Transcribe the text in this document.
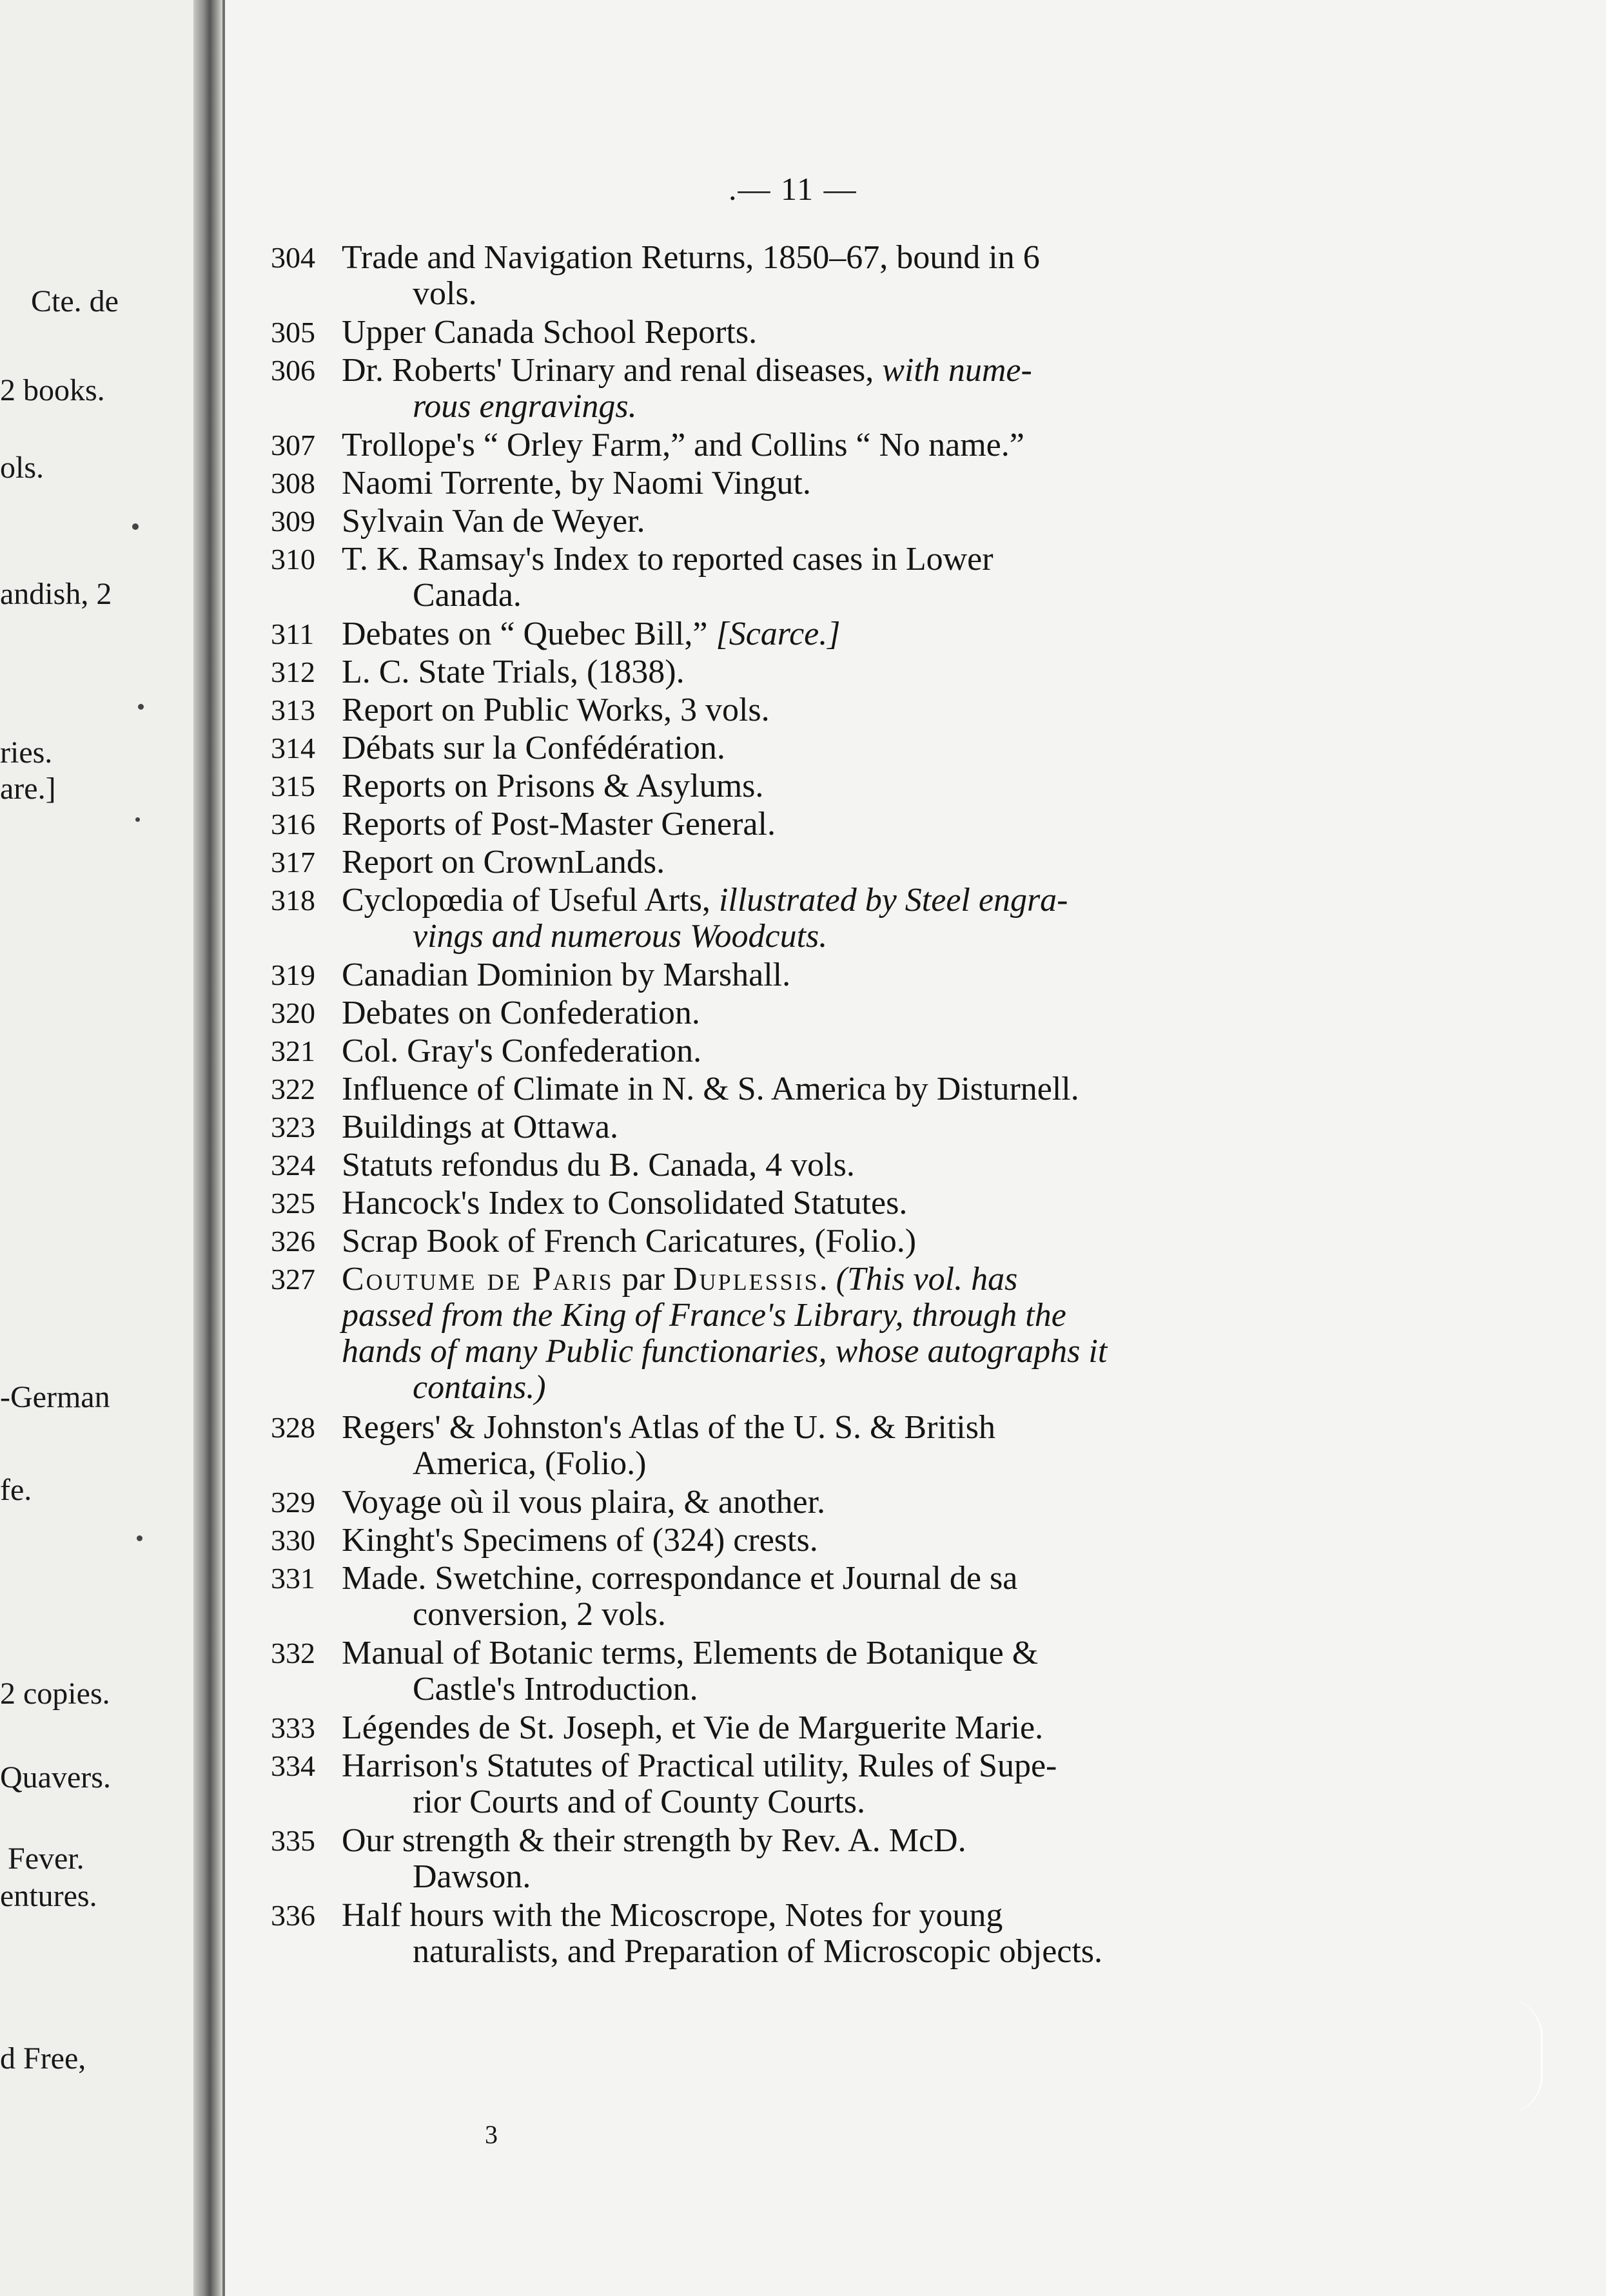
Cte. de
2 books.
ols.
andish, 2
ries.
are.]
-German
fe.
2 copies.
Quavers.
Fever.
entures.
d Free,
.— 11 —
304 Trade and Navigation Returns, 1850–67, bound in 6
vols.
305 Upper Canada School Reports.
306 Dr. Roberts' Urinary and renal diseases, with nume-
rous engravings.
307 Trollope's “ Orley Farm,” and Collins “ No name.”
308 Naomi Torrente, by Naomi Vingut.
309 Sylvain Van de Weyer.
310 T. K. Ramsay's Index to reported cases in Lower
Canada.
311 Debates on “ Quebec Bill,” [Scarce.]
312 L. C. State Trials, (1838).
313 Report on Public Works, 3 vols.
314 Débats sur la Confédération.
315 Reports on Prisons & Asylums.
316 Reports of Post-Master General.
317 Report on CrownLands.
318 Cyclopœdia of Useful Arts, illustrated by Steel engra-
vings and numerous Woodcuts.
319 Canadian Dominion by Marshall.
320 Debates on Confederation.
321 Col. Gray's Confederation.
322 Influence of Climate in N. & S. America by Disturnell.
323 Buildings at Ottawa.
324 Statuts refondus du B. Canada, 4 vols.
325 Hancock's Index to Consolidated Statutes.
326 Scrap Book of French Caricatures, (Folio.)
327 Coutume de Paris par Duplessis. (This vol. has
passed from the King of France's Library, through the
hands of many Public functionaries, whose autographs it
contains.)
328 Regers' & Johnston's Atlas of the U. S. & British
America, (Folio.)
329 Voyage où il vous plaira, & another.
330 Kinght's Specimens of (324) crests.
331 Made. Swetchine, correspondance et Journal de sa
conversion, 2 vols.
332 Manual of Botanic terms, Elements de Botanique &
Castle's Introduction.
333 Légendes de St. Joseph, et Vie de Marguerite Marie.
334 Harrison's Statutes of Practical utility, Rules of Supe-
rior Courts and of County Courts.
335 Our strength & their strength by Rev. A. McD.
Dawson.
336 Half hours with the Micoscrope, Notes for young
naturalists, and Preparation of Microscopic objects.
3
